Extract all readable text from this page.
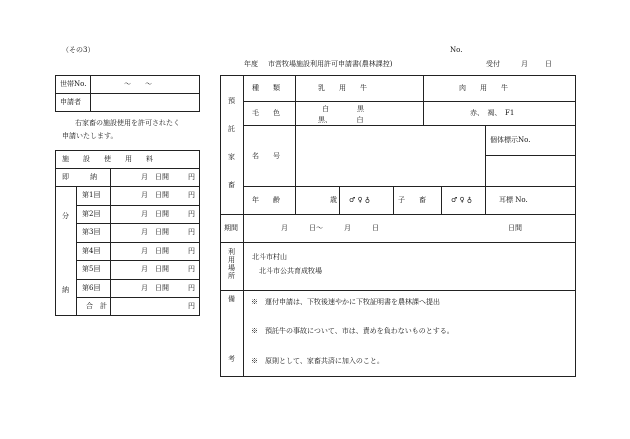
（その3）	No.
年度 市営牧場施設利用許可申請書(農林課控)	受付	月 日
世帯No.	〜　　〜
申請者
右家畜の施設使用を許可されたく
申請いたします。
施　　設　　使　　用　　料
即　　　納	月　日開	円
分
納
第1回	月　日開	円
第2回	月　日開	円
第3回	月　日開	円
第4回	月　日開	円
第5回	月　日開	円
第6回	月　日開	円
合　計	円
預
託
家
畜
利
用
場
所
備
考
種　　類	乳　　用　　牛	肉　　用　　牛
毛　　色	白　　　　黒
黒、　　　　白
赤、　褐、　F1
個体標示No.
名　　号
年　　齢	歳 ♂ ♀ ♁	子　　畜	♂ ♀ ♁	耳標 No.
期間	月　　　日〜　　　月　　　日	日間
北斗市村山
北斗市公共育成牧場
※　運付申請は、下牧後速やかに下牧証明書を農林課へ提出
※　預託牛の事故について、市は、責めを負わないものとする。
※　原則として、家畜共済に加入のこと。
